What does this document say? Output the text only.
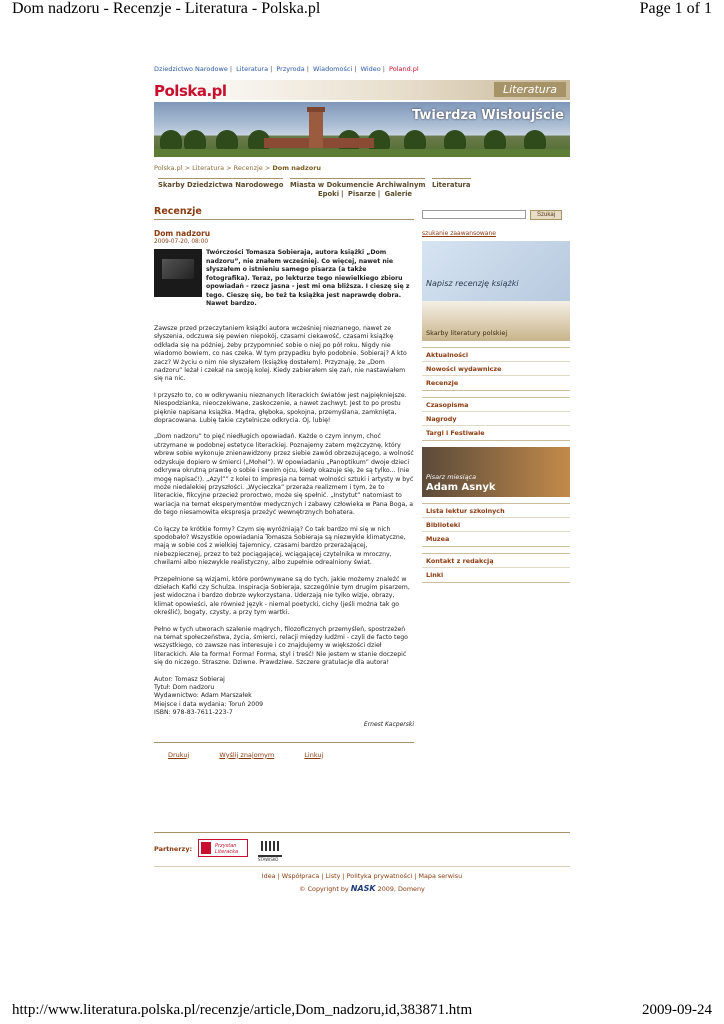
Dom nadzoru - Recenzje - Literatura - Polska.pl	Page 1 of 1
Dziedzictwo Narodowe | Literatura | Przyroda | Wiadomości | Wideo | Poland.pl
Polska.pl	Literatura
Twierdza Wisłoujście
Polska.pl > Literatura > Recenzje > Dom nadzoru
Skarby Dziedzictwa Narodowego Miasta w Dokumencie Archiwalnym Literatura
Epoki | Pisarze | Galerie
Recenzje
Dom nadzoru
2009-07-20, 08:00
Twórczości Tomasza Sobieraja, autora książki „Dom nadzoru”, nie znałem wcześniej. Co więcej, nawet nie słyszałem o istnieniu samego pisarza (a także fotografika). Teraz, po lekturze tego niewielkiego zbioru opowiadań - rzecz jasna - jest mi ona bliższa. I cieszę się z tego. Cieszę się, bo też ta książka jest naprawdę dobra. Nawet bardzo.

Zawsze przed przeczytaniem książki autora wcześniej nieznanego, nawet ze słyszenia, odczuwa się pewien niepokój, czasami ciekawość, czasami książkę odkłada się na później, żeby przypomnieć sobie o niej po pół roku. Nigdy nie wiadomo bowiem, co nas czeka. W tym przypadku było podobnie. Sobieraj? A kto zacz? W życiu o nim nie słyszałem (książkę dostałem). Przyznaję, że „Dom nadzoru” leżał i czekał na swoją kolej. Kiedy zabierałem się zań, nie nastawiałem się na nic.

I przyszło to, co w odkrywaniu nieznanych literackich światów jest najpiękniejsze. Niespodzianka, nieoczekiwane, zaskoczenie, a nawet zachwyt. Jest to po prostu pięknie napisana książka. Mądra, głęboka, spokojna, przemyślana, zamknięta, dopracowana. Lubię takie czytelnicze odkrycia. Oj, lubię!

„Dom nadzoru” to pięć niedługich opowiadań. Każde o czym innym, choć utrzymane w podobnej estetyce literackiej. Poznajemy zatem mężczyznę, który wbrew sobie wykonuje znienawidzony przez siebie zawód obrzezującego, a wolność odzyskuje dopiero w śmierci („Mohel”). W opowiadaniu „Panoptikum” dwoje dzieci odkrywa okrutną prawdę o sobie i swoim ojcu, kiedy okazuje się, że są tylko... (nie mogę napisać!). „Azyl”” z kolei to impresja na temat wolności sztuki i artysty w być może niedalekiej przyszłości. „Wycieczka” przeraża realizmem i tym, że to literackie, fikcyjne przecież proroctwo, może się spełnić. „Instytut” natomiast to wariacja na temat eksperymentów medycznych i zabawy człowieka w Pana Boga, a do tego niesamowita ekspresja przeżyć wewnętrznych bohatera.

Co łączy te krótkie formy? Czym się wyróżniają? Co tak bardzo mi się w nich spodobało? Wszystkie opowiadania Tomasza Sobieraja są niezwykle klimatyczne, mają w sobie coś z wielkiej tajemnicy, czasami bardzo przerażającej, niebezpiecznej, przez to też pociągającej, wciągającej czytelnika w mroczny, chwilami albo niezwykle realistyczny, albo zupełnie odrealniony świat.

Przepełnione są wizjami, które porównywane są do tych, jakie możemy znaleźć w dziełach Kafki czy Schulza. Inspiracja Sobieraja, szczególnie tym drugim pisarzem, jest widoczna i bardzo dobrze wykorzystana. Uderzają nie tylko wizje, obrazy, klimat opowieści, ale również język - niemal poetycki, cichy (jeśli można tak go określić), bogaty, czysty, a przy tym wartki.

Pełno w tych utworach szalenie mądrych, filozoficznych przemyśleń, spostrzeżeń na temat społeczeństwa, życia, śmierci, relacji między ludźmi - czyli de facto tego wszystkiego, co zawsze nas interesuje i co znajdujemy w większości dzieł literackich. Ale ta forma! Forma! Forma, styl i treść! Nie jestem w stanie doczepić się do niczego. Straszne. Dziwne. Prawdziwe. Szczere gratulacje dla autora!

Autor: Tomasz Sobieraj
Tytuł: Dom nadzoru
Wydawnictwo: Adam Marszałek
Miejsce i data wydania: Toruń 2009
ISBN: 978-83-7611-223-7
Ernest Kacperski
Drukuj	Wyślij znajomym	Linkuj
Szukaj
szukanie zaawansowane
Napisz recenzję książki
Skarby literatury polskiej
Aktualności
Nowości wydawnicze
Recenzje
Czasopisma
Nagrody
Targi i Festiwale
Pisarz miesiąca
Adam Asnyk
Lista lektur szkolnych
Biblioteki
Muzea
Kontakt z redakcją
Linki
Partnerzy:	Przystan Literacka
STAWISKO
Idea | Współpraca | Listy | Polityka prywatności | Mapa serwisu
© Copyright by NASK 2009, Domeny
http://www.literatura.polska.pl/recenzje/article,Dom_nadzoru,id,383871.htm	2009-09-24
